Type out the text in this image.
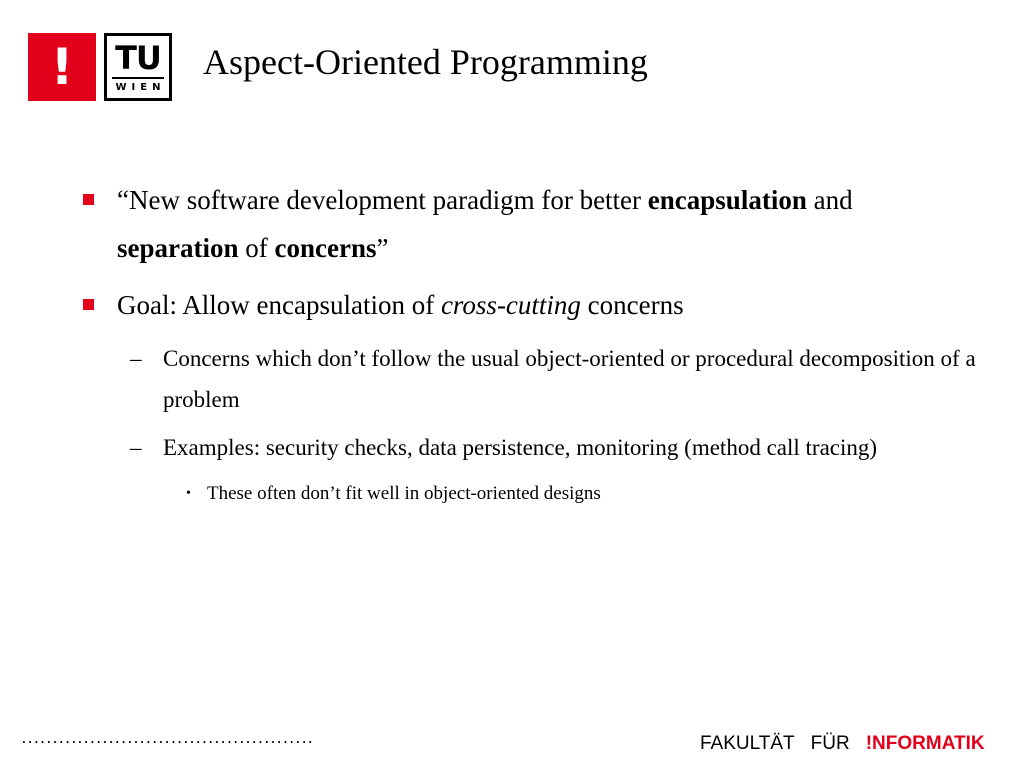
! TU
WIEN
Aspect-Oriented Programming
“New software development paradigm for better encapsulation and
separation of concerns”
Goal: Allow encapsulation of cross-cutting concerns
– Concerns which don’t follow the usual object-oriented or procedural decomposition of a problem
– Examples: security checks, data persistence, monitoring (method call tracing)
• These often don’t fit well in object-oriented designs
...............................................	FAKULTÄT FÜR !NFORMATIK
